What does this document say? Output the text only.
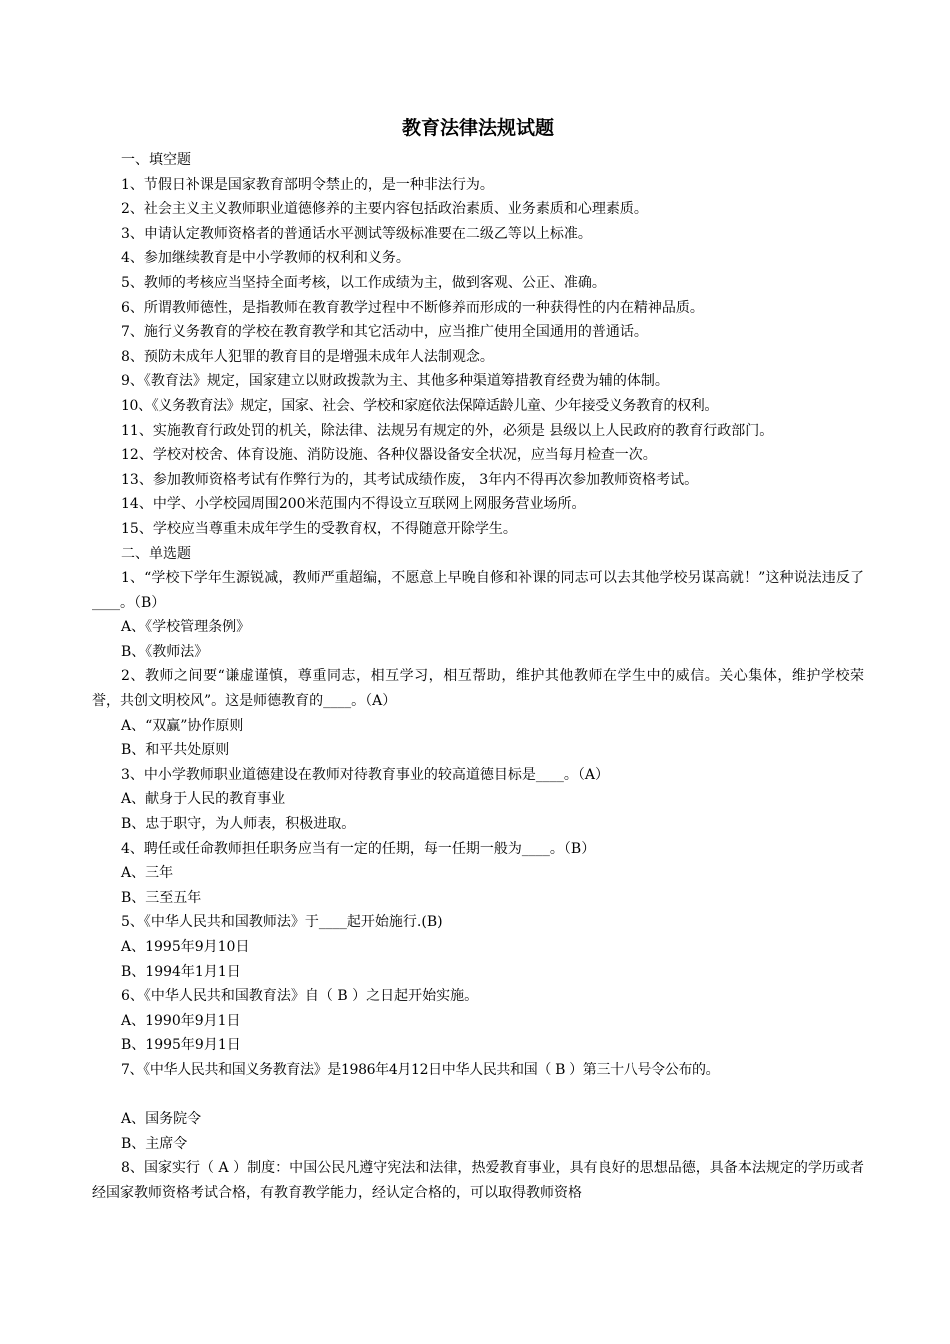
教育法律法规试题

一、填空题

1、节假日补课是国家教育部明令禁止的，是一种非法行为。

2、社会主义主义教师职业道德修养的主要内容包括政治素质、业务素质和心理素质。

3、申请认定教师资格者的普通话水平测试等级标准要在二级乙等以上标准。

4、参加继续教育是中小学教师的权利和义务。

5、教师的考核应当坚持全面考核，以工作成绩为主，做到客观、公正、准确。

6、所谓教师德性，是指教师在教育教学过程中不断修养而形成的一种获得性的内在精神品质。

7、施行义务教育的学校在教育教学和其它活动中，应当推广使用全国通用的普通话。

8、预防未成年人犯罪的教育目的是增强未成年人法制观念。

9、《教育法》规定，国家建立以财政拨款为主、其他多种渠道筹措教育经费为辅的体制。

10、《义务教育法》规定，国家、社会、学校和家庭依法保障适龄儿童、少年接受义务教育的权利。

11、实施教育行政处罚的机关，除法律、法规另有规定的外，必须是 县级以上人民政府的教育行政部门。

12、学校对校舍、体育设施、消防设施、各种仪器设备安全状况，应当每月检查一次。

13、参加教师资格考试有作弊行为的，其考试成绩作废， 3年内不得再次参加教师资格考试。

14、中学、小学校园周围200米范围内不得设立互联网上网服务营业场所。

15、学校应当尊重未成年学生的受教育权，不得随意开除学生。

二、单选题

1、“学校下学年生源锐减，教师严重超编，不愿意上早晚自修和补课的同志可以去其他学校另谋高就！”这种说法违反了____。（B）

A、《学校管理条例》

B、《教师法》

2、教师之间要“谦虚谨慎，尊重同志，相互学习，相互帮助，维护其他教师在学生中的威信。关心集体，维护学校荣誉，共创文明校风”。这是师德教育的____。（A）

A、“双赢”协作原则

B、和平共处原则

3、中小学教师职业道德建设在教师对待教育事业的较高道德目标是____。（A）

A、献身于人民的教育事业

B、忠于职守，为人师表，积极进取。

4、聘任或任命教师担任职务应当有一定的任期，每一任期一般为____。（B）

A、三年

B、三至五年

5、《中华人民共和国教师法》于____起开始施行.(B)

A、1995年9月10日

B、1994年1月1日

6、《中华人民共和国教育法》自（ B ）之日起开始实施。

A、1990年9月1日

B、1995年9月1日

7、《中华人民共和国义务教育法》是1986年4月12日中华人民共和国（ B ）第三十八号令公布的。

A、国务院令

B、主席令

8、国家实行（ A ）制度：中国公民凡遵守宪法和法律，热爱教育事业，具有良好的思想品德，具备本法规定的学历或者经国家教师资格考试合格，有教育教学能力，经认定合格的，可以取得教师资格
